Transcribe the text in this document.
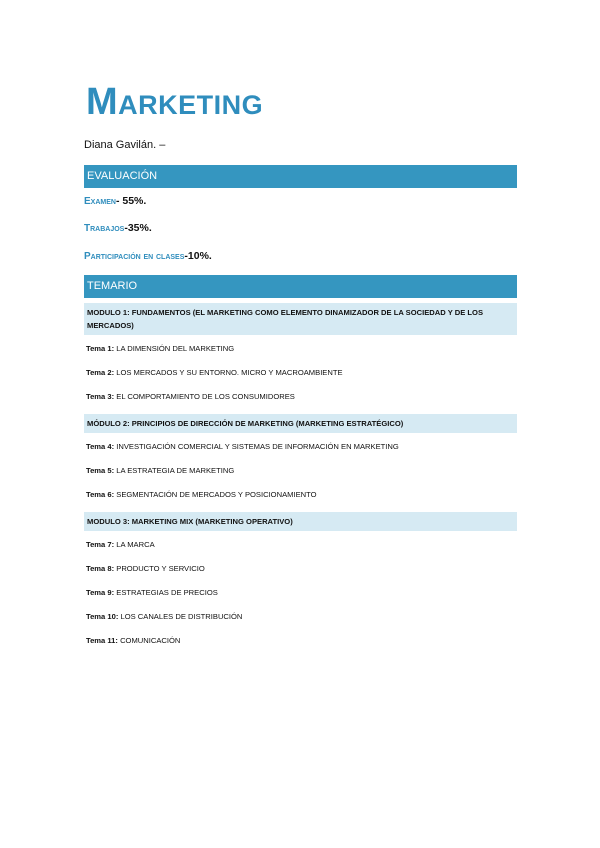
MARKETING
Diana Gavilán. –
EVALUACIÓN
Examen- 55%.
Trabajos-35%.
Participación en clases-10%.
TEMARIO
MODULO 1: FUNDAMENTOS (EL MARKETING COMO ELEMENTO DINAMIZADOR DE LA SOCIEDAD Y DE LOS MERCADOS)
Tema 1: LA DIMENSIÓN DEL MARKETING
Tema 2: LOS MERCADOS Y SU ENTORNO. MICRO Y MACROAMBIENTE
Tema 3: EL COMPORTAMIENTO DE LOS CONSUMIDORES
MÓDULO 2: PRINCIPIOS DE DIRECCIÓN DE MARKETING (MARKETING ESTRATÉGICO)
Tema 4: INVESTIGACIÓN COMERCIAL Y SISTEMAS DE INFORMACIÓN EN MARKETING
Tema 5: LA ESTRATEGIA DE MARKETING
Tema 6: SEGMENTACIÓN DE MERCADOS Y POSICIONAMIENTO
MODULO 3: MARKETING MIX (MARKETING OPERATIVO)
Tema 7: LA MARCA
Tema 8: PRODUCTO Y SERVICIO
Tema 9: ESTRATEGIAS DE PRECIOS
Tema 10: LOS CANALES DE DISTRIBUCIÓN
Tema 11: COMUNICACIÓN
